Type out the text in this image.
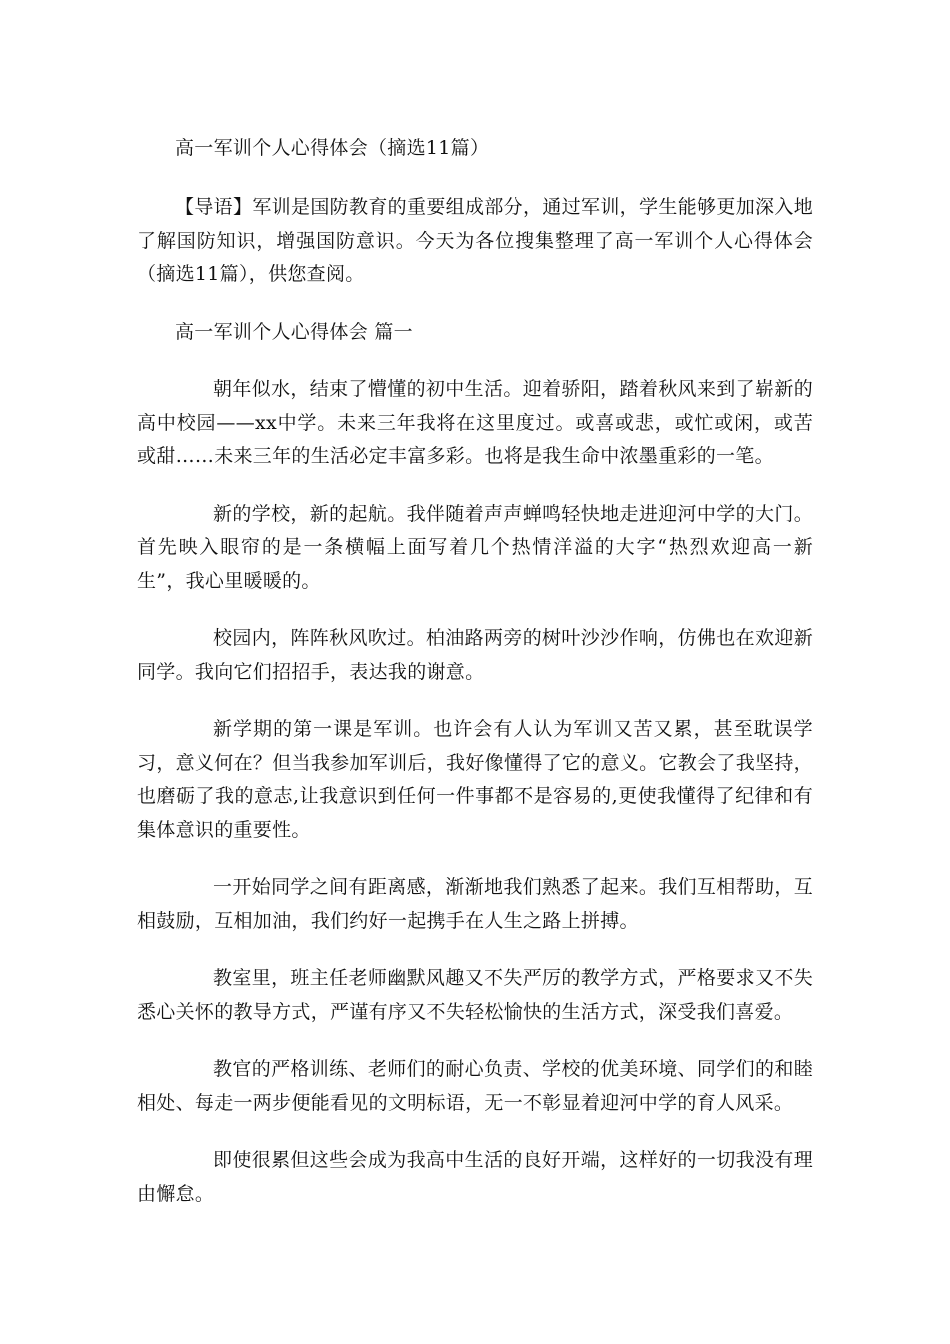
高一军训个人心得体会（摘选11篇）

【导语】军训是国防教育的重要组成部分，通过军训，学生能够更加深入地了解国防知识，增强国防意识。今天为各位搜集整理了高一军训个人心得体会（摘选11篇），供您查阅。

高一军训个人心得体会 篇一

朝年似水，结束了懵懂的初中生活。迎着骄阳，踏着秋风来到了崭新的高中校园——xx中学。未来三年我将在这里度过。或喜或悲，或忙或闲，或苦或甜……未来三年的生活必定丰富多彩。也将是我生命中浓墨重彩的一笔。

新的学校，新的起航。我伴随着声声蝉鸣轻快地走进迎河中学的大门。首先映入眼帘的是一条横幅上面写着几个热情洋溢的大字“热烈欢迎高一新生”，我心里暖暖的。

校园内，阵阵秋风吹过。柏油路两旁的树叶沙沙作响，仿佛也在欢迎新同学。我向它们招招手，表达我的谢意。

新学期的第一课是军训。也许会有人认为军训又苦又累，甚至耽误学习，意义何在？但当我参加军训后，我好像懂得了它的意义。它教会了我坚持，也磨砺了我的意志,让我意识到任何一件事都不是容易的,更使我懂得了纪律和有集体意识的重要性。

一开始同学之间有距离感，渐渐地我们熟悉了起来。我们互相帮助，互相鼓励，互相加油，我们约好一起携手在人生之路上拼搏。

教室里，班主任老师幽默风趣又不失严厉的教学方式，严格要求又不失悉心关怀的教导方式，严谨有序又不失轻松愉快的生活方式，深受我们喜爱。

教官的严格训练、老师们的耐心负责、学校的优美环境、同学们的和睦相处、每走一两步便能看见的文明标语，无一不彰显着迎河中学的育人风采。

即使很累但这些会成为我高中生活的良好开端，这样好的一切我没有理由懈怠。
